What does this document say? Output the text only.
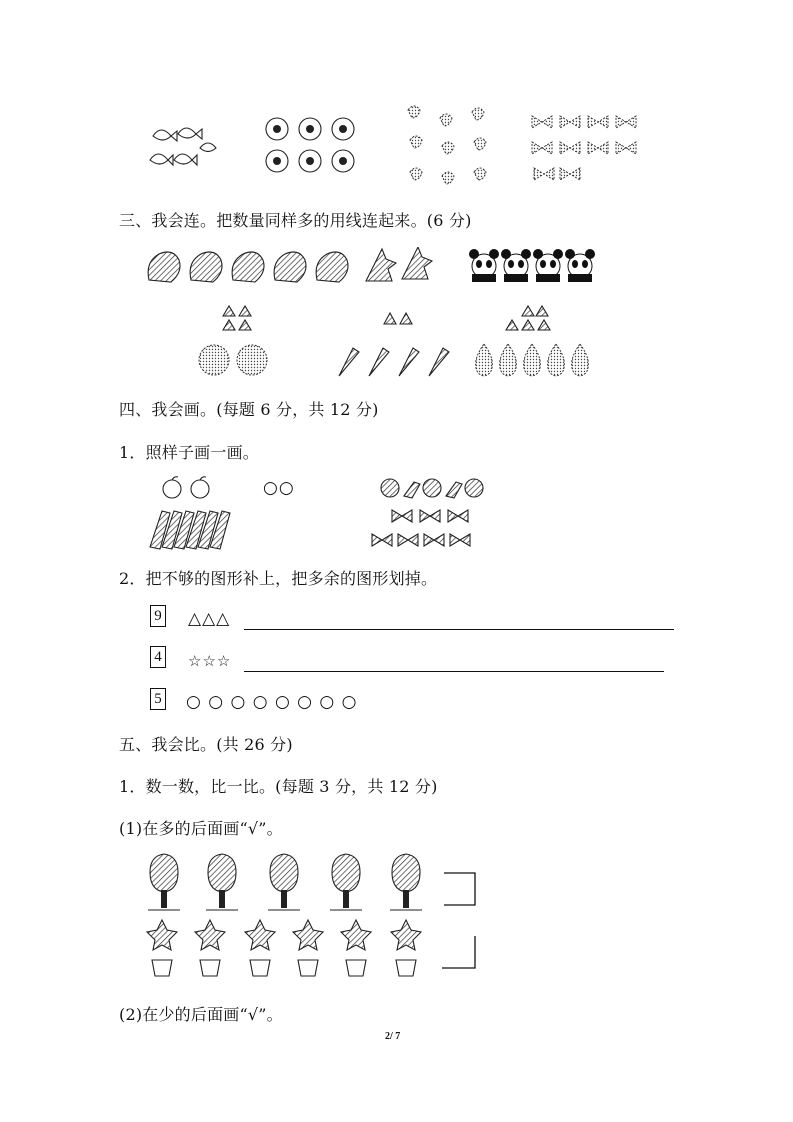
三、我会连。把数量同样多的用线连起来。(6 分)
四、我会画。(每题 6 分，共 12 分)
1．照样子画一画。
○○
2．把不够的图形补上，把多余的图形划掉。
9 △△△
4 ☆☆☆
5 ○ ○ ○ ○ ○ ○ ○ ○
五、我会比。(共 26 分)
1．数一数，比一比。(每题 3 分，共 12 分)
(1)在多的后面画“√”。
(2)在少的后面画“√”。
2/ 7
